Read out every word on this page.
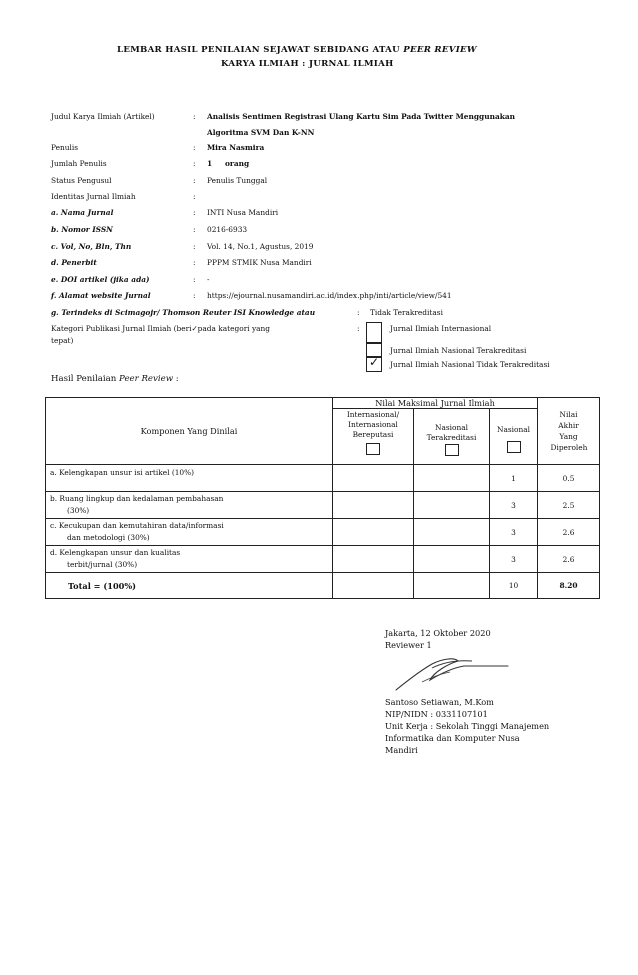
LEMBAR HASIL PENILAIAN SEJAWAT SEBIDANG ATAU PEER REVIEW
KARYA ILMIAH : JURNAL ILMIAH
Judul Karya Ilmiah (Artikel)	: Analisis Sentimen Registrasi Ulang Kartu Sim Pada Twitter Menggunakan
Algoritma SVM Dan K-NN
Penulis	: Mira Nasmira
Jumlah Penulis	: 1     orang
Status Pengusul	: Penulis Tunggal
Identitas Jurnal Ilmiah	:
a. Nama Jurnal	: INTI Nusa Mandiri
b. Nomor ISSN	: 0216-6933
c. Vol, No, Bln, Thn	: Vol. 14, No.1, Agustus, 2019
d. Penerbit	: PPPM STMIK Nusa Mandiri
e. DOI artikel (jika ada)	: -
f. Alamat website Jurnal	: https://ejournal.nusamandiri.ac.id/index.php/inti/article/view/541
g. Terindeks di Scimagojr/ Thomson Reuter ISI Knowledge atau	: Tidak Terakreditasi
Kategori Publikasi Jurnal Ilmiah (beri✓pada kategori yang
tepat)
:	Jurnal Ilmiah Internasional
Jurnal Ilmiah Nasional Terakreditasi
✓ Jurnal Ilmiah Nasional Tidak Terakreditasi
Hasil Penilaian Peer Review :
Komponen Yang Dinilai	Nilai Maksimal Jurnal Ilmiah			Nilai Akhir Yang Diperoleh

	Internasional/ Internasional Bereputasi	Nasional Terakreditasi	Nasional	

a. Kelengkapan unsur isi artikel (10%)			1	0.5

b. Ruang lingkup dan kedalaman pembahasan
(30%)			3	2.5

c. Kecukupan dan kemutahiran data/informasi
dan metodologi (30%)			3	2.6

d. Kelengkapan unsur dan kualitas
terbit/jurnal (30%)			3	2.6
Total = (100%)			10	8.20
Jakarta, 12 Oktober 2020
Reviewer 1
Santoso Setiawan, M.Kom
NIP/NIDN : 0331107101
Unit Kerja : Sekolah Tinggi Manajemen
Informatika dan Komputer Nusa
Mandiri
